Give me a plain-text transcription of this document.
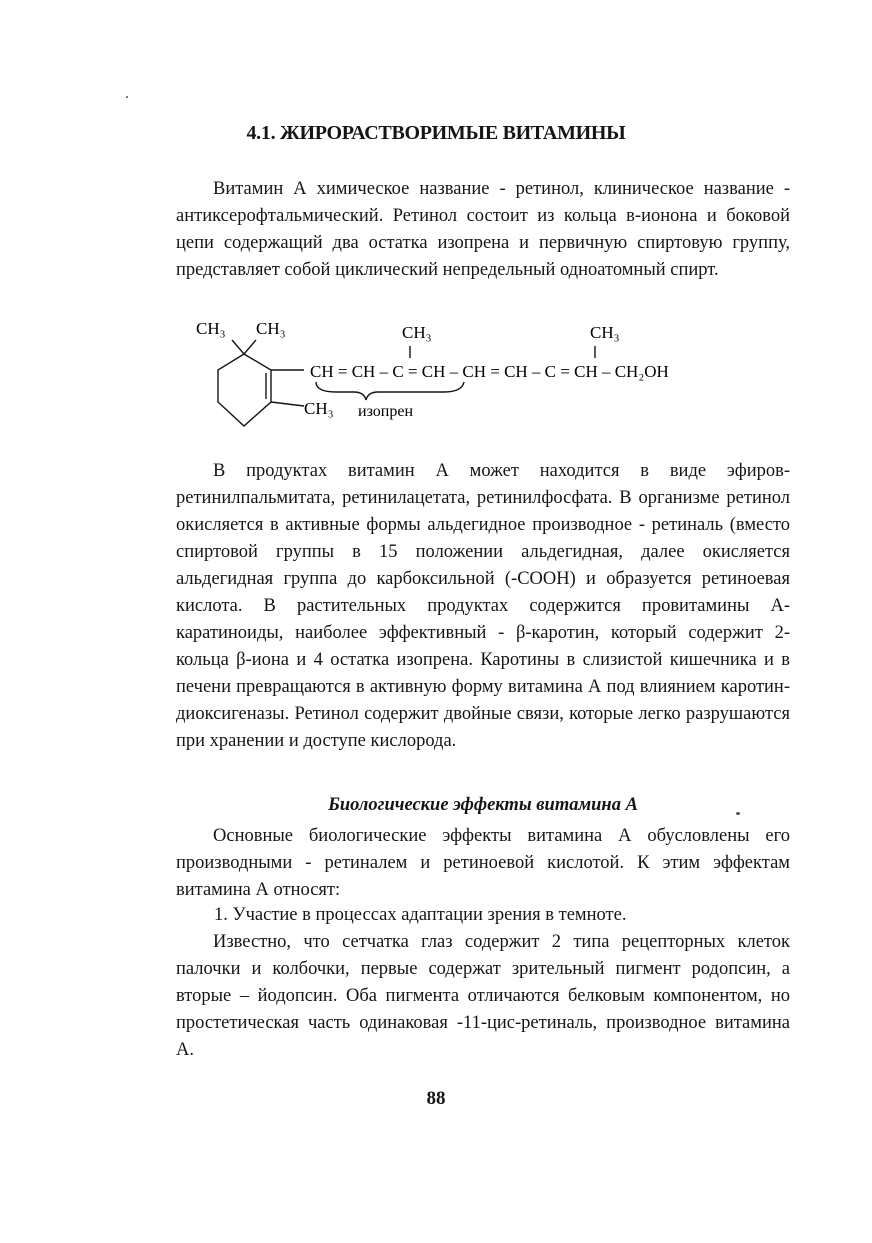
4.1. ЖИРОРАСТВОРИМЫЕ ВИТАМИНЫ

Витамин А химическое название - ретинол, клиническое название - антиксерофтальмический. Ретинол состоит из кольца в-ионона и боковой цепи содержащий два остатка изопрена и первичную спиртовую группу, представляет собой циклический непредельный одноатомный спирт.

CH₃ CH₃	CH₃	CH₃
CH = CH – C = CH – CH = CH – C = CH – CH₂OH
CH₃ изопрен

В продуктах витамин А может находится в виде эфиров-ретинилпальмитата, ретинилацетата, ретинилфосфата. В организме ретинол окисляется в активные формы альдегидное производное - ретиналь (вместо спиртовой группы в 15 положении альдегидная, далее окисляется альдегидная группа до карбоксильной (-COOH) и образуется ретиноевая кислота. В растительных продуктах содержится провитамины А-каратиноиды, наиболее эффективный - β-каротин, который содержит 2-кольца β-иона и 4 остатка изопрена. Каротины в слизистой кишечника и в печени превращаются в активную форму витамина А под влиянием каротин-диоксигеназы. Ретинол содержит двойные связи, которые легко разрушаются при хранении и доступе кислорода.

Биологические эффекты витамина А

Основные биологические эффекты витамина А обусловлены его производными - ретиналем и ретиноевой кислотой. К этим эффектам витамина А относят:

1. Участие в процессах адаптации зрения в темноте.

Известно, что сетчатка глаз содержит 2 типа рецепторных клеток палочки и колбочки, первые содержат зрительный пигмент родопсин, а вторые – йодопсин. Оба пигмента отличаются белковым компонентом, но простетическая часть одинаковая -11-цис-ретиналь, производное витамина А.

88
